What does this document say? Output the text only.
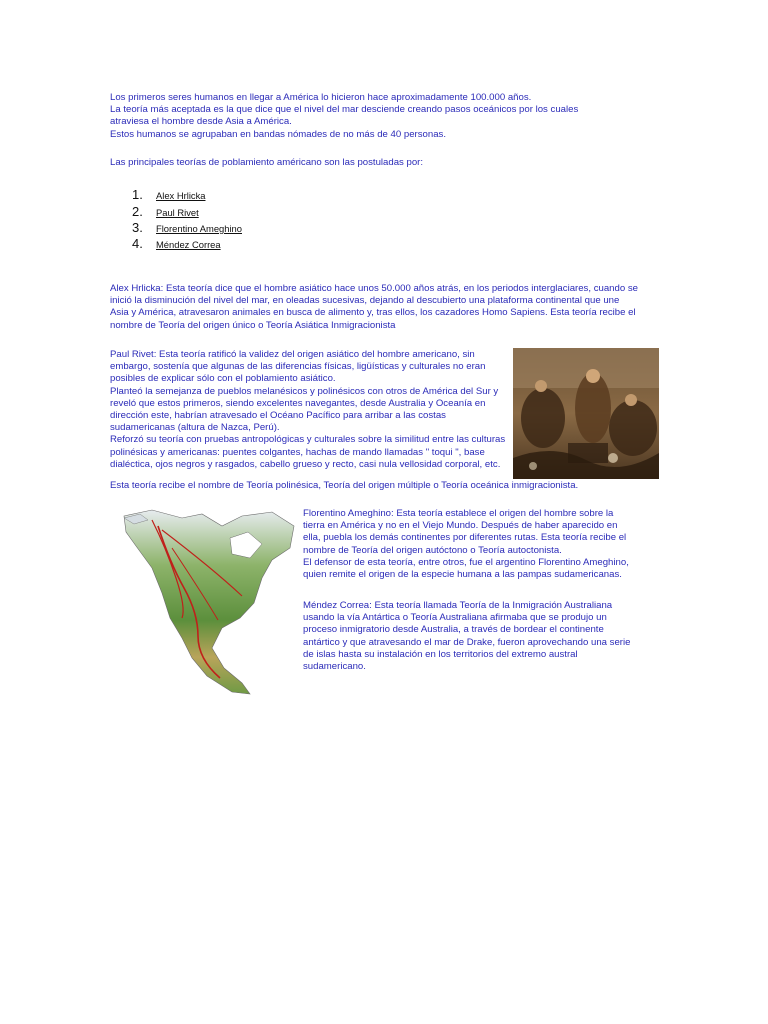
Los primeros seres humanos en llegar a América lo hicieron hace aproximadamente 100.000 años.
La teoría más aceptada es la que dice que el nivel del mar desciende creando pasos oceánicos por los cuales
atraviesa el hombre desde Asia a América.
Estos humanos se agrupaban en bandas nómades de no más de 40 personas.
Las principales teorías de poblamiento américano son las postuladas por:
1.	Alex Hrlicka
2.	Paul Rivet
3.	Florentino Ameghino
4.	Méndez Correa
Alex Hrlicka: Esta teoría dice que el hombre asiático hace unos 50.000 años atrás, en los periodos interglaciares, cuando se inició la disminución del nivel del mar, en oleadas sucesivas, dejando al descubierto una plataforma continental que une Asia y América, atravesaron animales en busca de alimento y, tras ellos, los cazadores Homo Sapiens. Esta teoría recibe el nombre de Teoría del origen único o Teoría Asiática Inmigracionista
Paul Rivet: Esta teoría ratificó la validez del origen asiático del hombre americano, sin embargo, sostenía que algunas de las diferencias físicas, ligüísticas y culturales no eran posibles de explicar sólo con el poblamiento asiático.
Planteó la semejanza de pueblos melanésicos y polinésicos con otros de América del Sur y reveló que estos primeros, siendo excelentes navegantes, desde Australia y Oceanía en dirección este, habrían atravesado el Océano Pacífico para arribar a las costas sudamericanas (altura de Nazca, Perú).
Reforzó su teoría con pruebas antropológicas y culturales sobre la similitud entre las culturas polinésicas y americanas: puentes colgantes, hachas de mando llamadas " toqui ", base dialéctica, ojos negros y rasgados, cabello grueso y recto, casi nula vellosidad corporal, etc.
Esta teoría recibe el nombre de Teoría polinésica, Teoría del origen múltiple o Teoría oceánica inmigracionista.
Florentino Ameghino: Esta teoría establece el origen del hombre sobre la
tierra en América y no en el Viejo Mundo. Después de haber aparecido en
ella, puebla los demás continentes por diferentes rutas. Esta teoría recibe el
nombre de Teoría del origen autóctono o Teoría autoctonista.
El defensor de esta teoría, entre otros, fue el argentino Florentino Ameghino,
quien remite el origen de la especie humana a las pampas sudamericanas.
Méndez Correa: Esta teoría llamada Teoría de la Inmigración Australiana
usando la vía Antártica o Teoría Australiana afirmaba que se produjo un
proceso inmigratorio desde Australia, a través de bordear el continente
antártico y que atravesando el mar de Drake, fueron aprovechando una serie
de islas hasta su instalación en los territorios del extremo austral
sudamericano.
